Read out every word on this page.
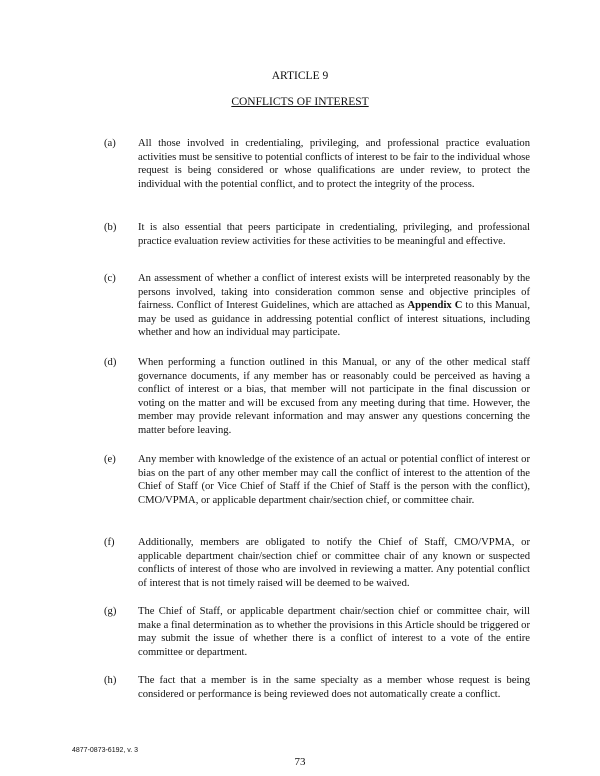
ARTICLE 9

CONFLICTS OF INTEREST

(a)	All those involved in credentialing, privileging, and professional practice evaluation activities must be sensitive to potential conflicts of interest to be fair to the individual whose request is being considered or whose qualifications are under review, to protect the individual with the potential conflict, and to protect the integrity of the process.
(b)	It is also essential that peers participate in credentialing, privileging, and professional practice evaluation review activities for these activities to be meaningful and effective.
(c)	An assessment of whether a conflict of interest exists will be interpreted reasonably by the persons involved, taking into consideration common sense and objective principles of fairness. Conflict of Interest Guidelines, which are attached as Appendix C to this Manual, may be used as guidance in addressing potential conflict of interest situations, including whether and how an individual may participate.
(d)	When performing a function outlined in this Manual, or any of the other medical staff governance documents, if any member has or reasonably could be perceived as having a conflict of interest or a bias, that member will not participate in the final discussion or voting on the matter and will be excused from any meeting during that time. However, the member may provide relevant information and may answer any questions concerning the matter before leaving.
(e)	Any member with knowledge of the existence of an actual or potential conflict of interest or bias on the part of any other member may call the conflict of interest to the attention of the Chief of Staff (or Vice Chief of Staff if the Chief of Staff is the person with the conflict), CMO/VPMA, or applicable department chair/section chief, or committee chair.
(f)	Additionally, members are obligated to notify the Chief of Staff, CMO/VPMA, or applicable department chair/section chief or committee chair of any known or suspected conflicts of interest of those who are involved in reviewing a matter. Any potential conflict of interest that is not timely raised will be deemed to be waived.
(g)	The Chief of Staff, or applicable department chair/section chief or committee chair, will make a final determination as to whether the provisions in this Article should be triggered or may submit the issue of whether there is a conflict of interest to a vote of the entire committee or department.
(h)	The fact that a member is in the same specialty as a member whose request is being considered or performance is being reviewed does not automatically create a conflict.
4877-0873-6192, v. 3
73
